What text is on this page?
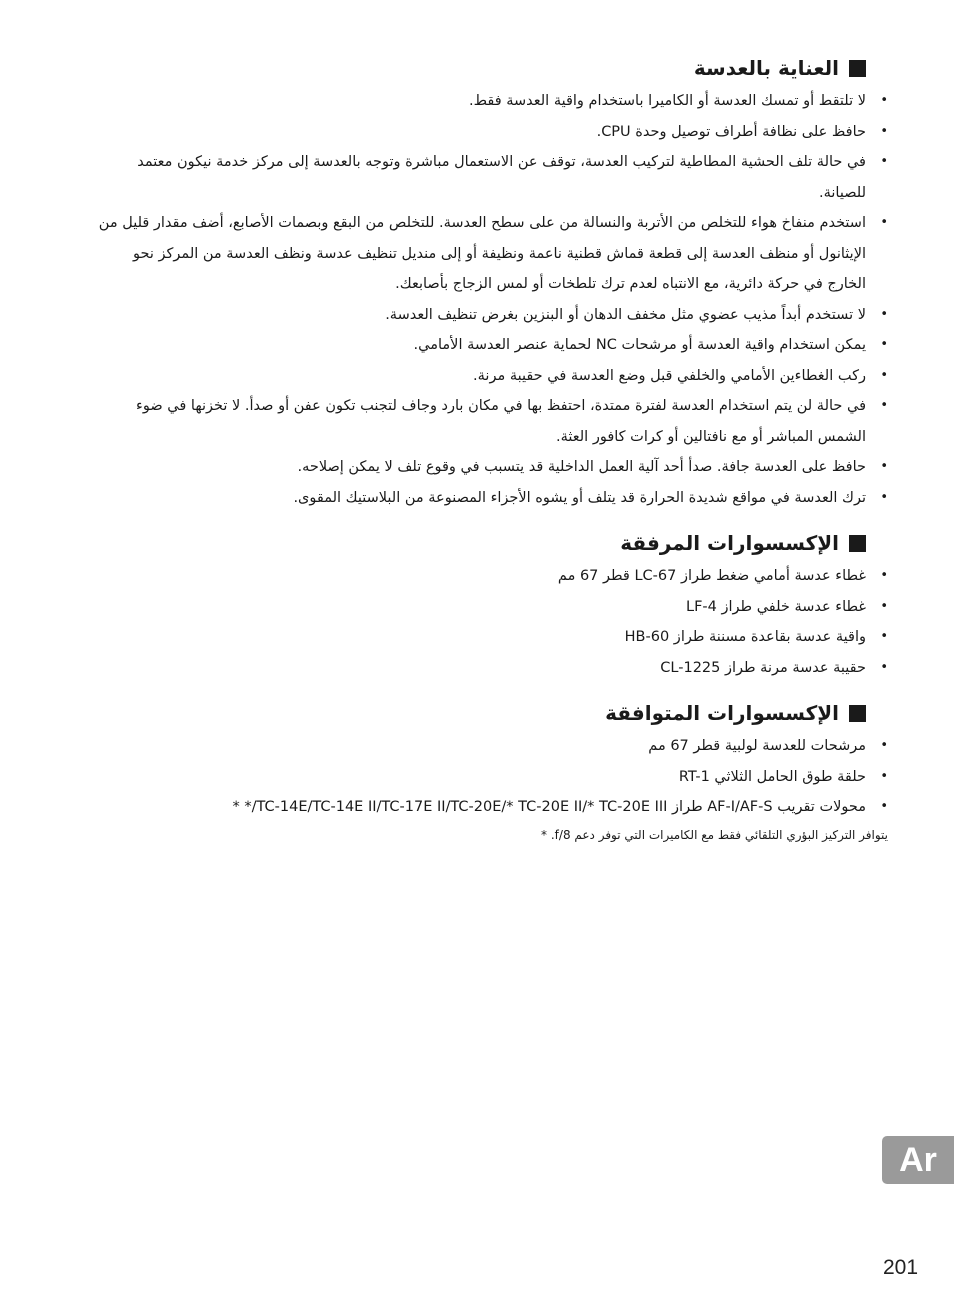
العناية بالعدسة
لا تلتقط أو تمسك العدسة أو الكاميرا باستخدام واقية العدسة فقط. •
حافظ على نظافة أطراف توصيل وحدة CPU. •
في حالة تلف الحشية المطاطية لتركيب العدسة، توقف عن الاستعمال مباشرة وتوجه بالعدسة إلى مركز خدمة نيكون معتمد للصيانة. •
استخدم منفاخ هواء للتخلص من الأتربة والنسالة من على سطح العدسة. للتخلص من البقع وبصمات الأصابع، أضف مقدار قليل من الإيثانول أو منظف العدسة إلى قطعة قماش قطنية ناعمة ونظيفة أو إلى منديل تنظيف عدسة ونظف العدسة من المركز نحو الخارج في حركة دائرية، مع الانتباه لعدم ترك تلطخات أو لمس الزجاج بأصابعك. •
لا تستخدم أبداً مذيب عضوي مثل مخفف الدهان أو البنزين بغرض تنظيف العدسة. •
يمكن استخدام واقية العدسة أو مرشحات NC لحماية عنصر العدسة الأمامي. •
ركب الغطاءين الأمامي والخلفي قبل وضع العدسة في حقيبة مرنة. •
في حالة لن يتم استخدام العدسة لفترة ممتدة، احتفظ بها في مكان بارد وجاف لتجنب تكون عفن أو صدأ. لا تخزنها في ضوء الشمس المباشر أو مع نافتالين أو كرات كافور العثة. •
حافظ على العدسة جافة. صدأ أحد آلية العمل الداخلية قد يتسبب في وقوع تلف لا يمكن إصلاحه. •
ترك العدسة في مواقع شديدة الحرارة قد يتلف أو يشوه الأجزاء المصنوعة من البلاستيك المقوى. •
الإكسسوارات المرفقة
غطاء عدسة أمامي ضغط طراز LC-67 قطر 67 مم •
غطاء عدسة خلفي طراز LF-4 •
واقية عدسة بقاعدة مسننة طراز HB-60 •
حقيبة عدسة مرنة طراز CL-1225 •
الإكسسوارات المتوافقة
مرشحات للعدسة لولبية قطر 67 مم •
حلقة طوق الحامل الثلاثي RT-1 •
محولات تقريب AF-I/AF-S طراز TC-14E/TC-14E II/TC-17E II/TC-20E/* TC-20E II/* TC-20E III/* * •
يتوافر التركيز البؤري التلقائي فقط مع الكاميرات التي توفر دعم f/8. *
Ar
201
